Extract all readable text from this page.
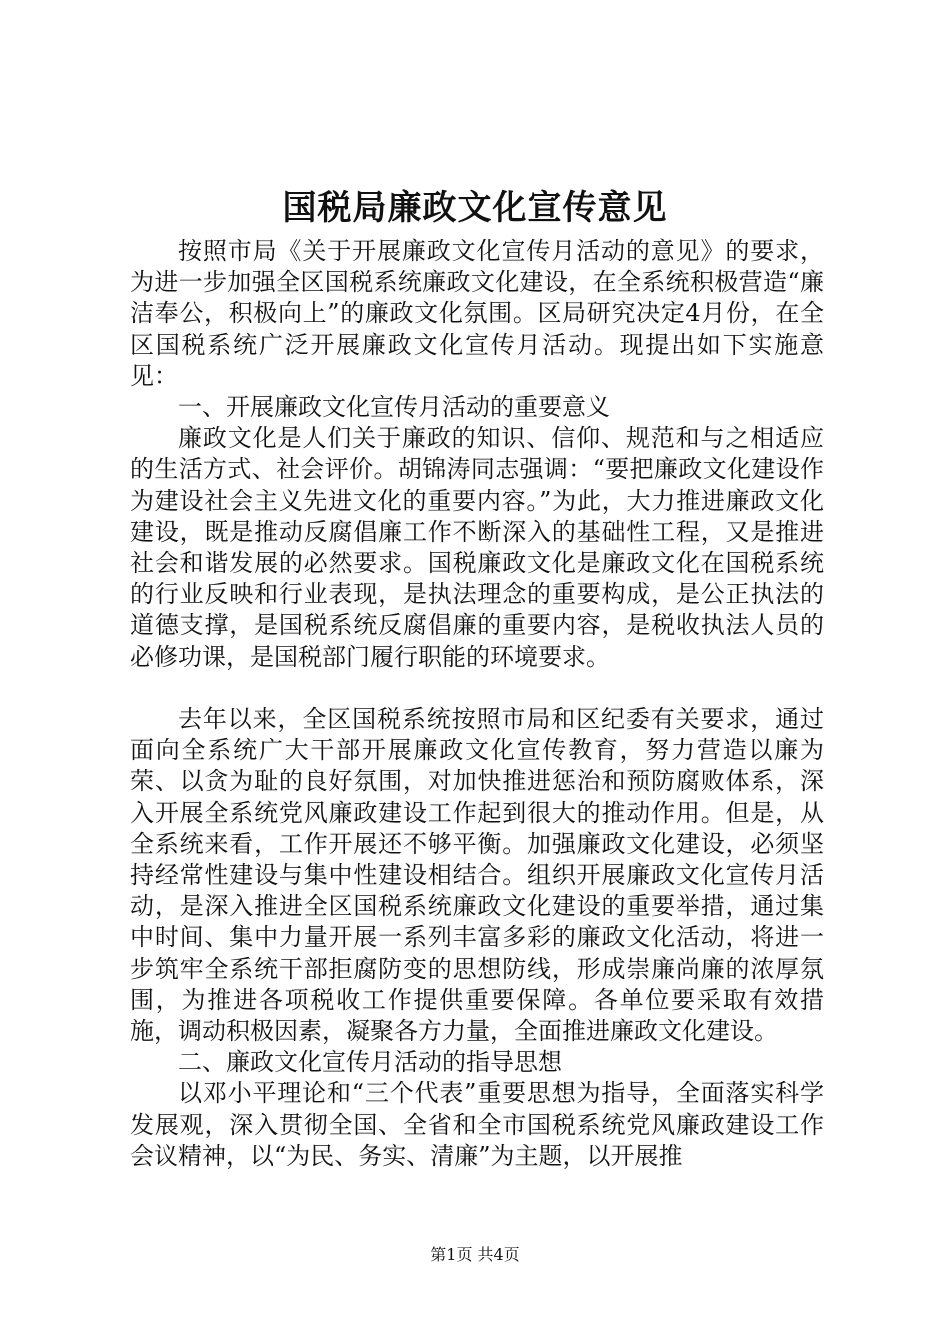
国税局廉政文化宣传意见

按照市局《关于开展廉政文化宣传月活动的意见》的要求，为进一步加强全区国税系统廉政文化建设，在全系统积极营造“廉洁奉公，积极向上”的廉政文化氛围。区局研究决定4月份，在全区国税系统广泛开展廉政文化宣传月活动。现提出如下实施意见：

一、开展廉政文化宣传月活动的重要意义

廉政文化是人们关于廉政的知识、信仰、规范和与之相适应的生活方式、社会评价。胡锦涛同志强调：“要把廉政文化建设作为建设社会主义先进文化的重要内容。”为此，大力推进廉政文化建设，既是推动反腐倡廉工作不断深入的基础性工程，又是推进社会和谐发展的必然要求。国税廉政文化是廉政文化在国税系统的行业反映和行业表现，是执法理念的重要构成，是公正执法的道德支撑，是国税系统反腐倡廉的重要内容，是税收执法人员的必修功课，是国税部门履行职能的环境要求。

去年以来，全区国税系统按照市局和区纪委有关要求，通过面向全系统广大干部开展廉政文化宣传教育，努力营造以廉为荣、以贪为耻的良好氛围，对加快推进惩治和预防腐败体系，深入开展全系统党风廉政建设工作起到很大的推动作用。但是，从全系统来看，工作开展还不够平衡。加强廉政文化建设，必须坚持经常性建设与集中性建设相结合。组织开展廉政文化宣传月活动，是深入推进全区国税系统廉政文化建设的重要举措，通过集中时间、集中力量开展一系列丰富多彩的廉政文化活动，将进一步筑牢全系统干部拒腐防变的思想防线，形成崇廉尚廉的浓厚氛围，为推进各项税收工作提供重要保障。各单位要采取有效措施，调动积极因素，凝聚各方力量，全面推进廉政文化建设。

二、廉政文化宣传月活动的指导思想

以邓小平理论和“三个代表”重要思想为指导，全面落实科学发展观，深入贯彻全国、全省和全市国税系统党风廉政建设工作会议精神，以“为民、务实、清廉”为主题，以开展推

第1页 共4页
